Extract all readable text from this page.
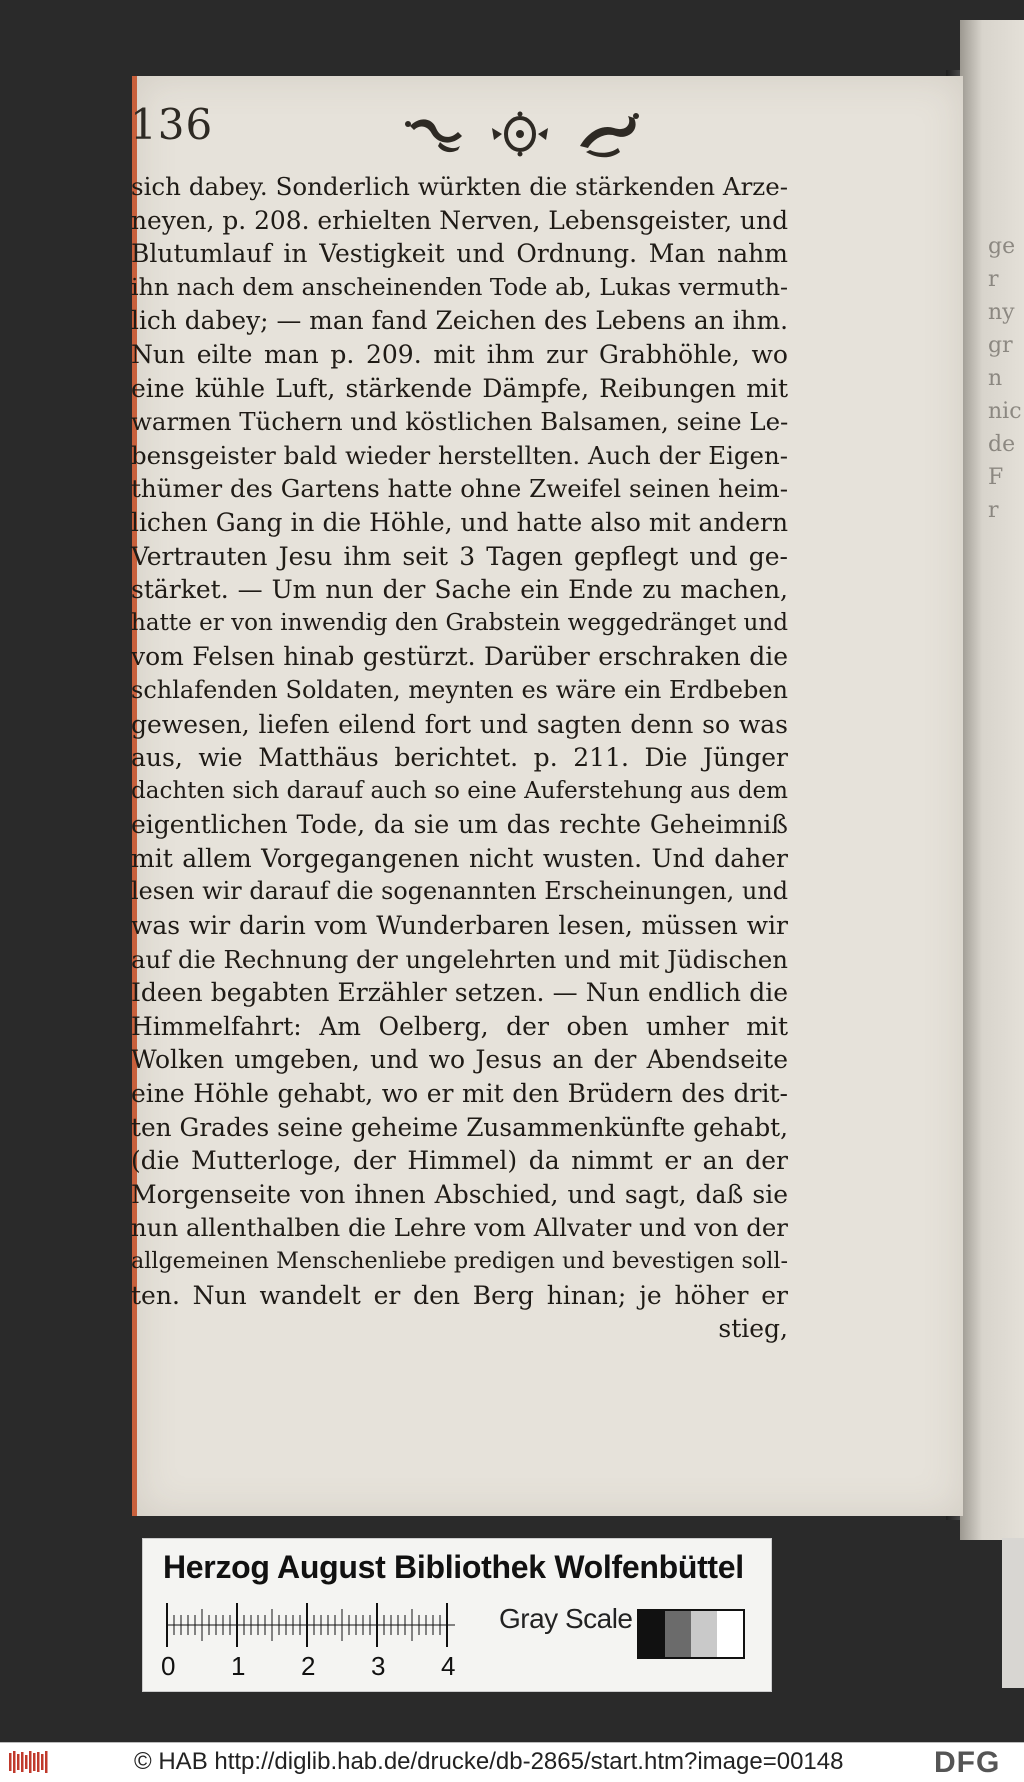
ge
r
ny
gr
n
nic
de
F
r
136
sich dabey. Sonderlich würkten die stärkenden Arze-
neyen, p. 208. erhielten Nerven, Lebensgeister, und
Blutumlauf in Vestigkeit und Ordnung. Man nahm
ihn nach dem anscheinenden Tode ab, Lukas vermuth-
lich dabey; — man fand Zeichen des Lebens an ihm.
Nun eilte man p. 209. mit ihm zur Grabhöhle, wo
eine kühle Luft, stärkende Dämpfe, Reibungen mit
warmen Tüchern und köstlichen Balsamen, seine Le-
bensgeister bald wieder herstellten. Auch der Eigen-
thümer des Gartens hatte ohne Zweifel seinen heim-
lichen Gang in die Höhle, und hatte also mit andern
Vertrauten Jesu ihm seit 3 Tagen gepflegt und ge-
stärket. — Um nun der Sache ein Ende zu machen,
hatte er von inwendig den Grabstein weggedränget und
vom Felsen hinab gestürzt. Darüber erschraken die
schlafenden Soldaten, meynten es wäre ein Erdbeben
gewesen, liefen eilend fort und sagten denn so was
aus, wie Matthäus berichtet. p. 211. Die Jünger
dachten sich darauf auch so eine Auferstehung aus dem
eigentlichen Tode, da sie um das rechte Geheimniß
mit allem Vorgegangenen nicht wusten. Und daher
lesen wir darauf die sogenannten Erscheinungen, und
was wir darin vom Wunderbaren lesen, müssen wir
auf die Rechnung der ungelehrten und mit Jüdischen
Ideen begabten Erzähler setzen. — Nun endlich die
Himmelfahrt: Am Oelberg, der oben umher mit
Wolken umgeben, und wo Jesus an der Abendseite
eine Höhle gehabt, wo er mit den Brüdern des drit-
ten Grades seine geheime Zusammenkünfte gehabt,
(die Mutterloge, der Himmel) da nimmt er an der
Morgenseite von ihnen Abschied, und sagt, daß sie
nun allenthalben die Lehre vom Allvater und von der
allgemeinen Menschenliebe predigen und bevestigen soll-
ten. Nun wandelt er den Berg hinan; je höher er
stieg,
Herzog August Bibliothek Wolfenbüttel
0 1 2 3 4
Gray Scale
© HAB http://diglib.hab.de/drucke/db-2865/start.htm?image=00148	DFG
